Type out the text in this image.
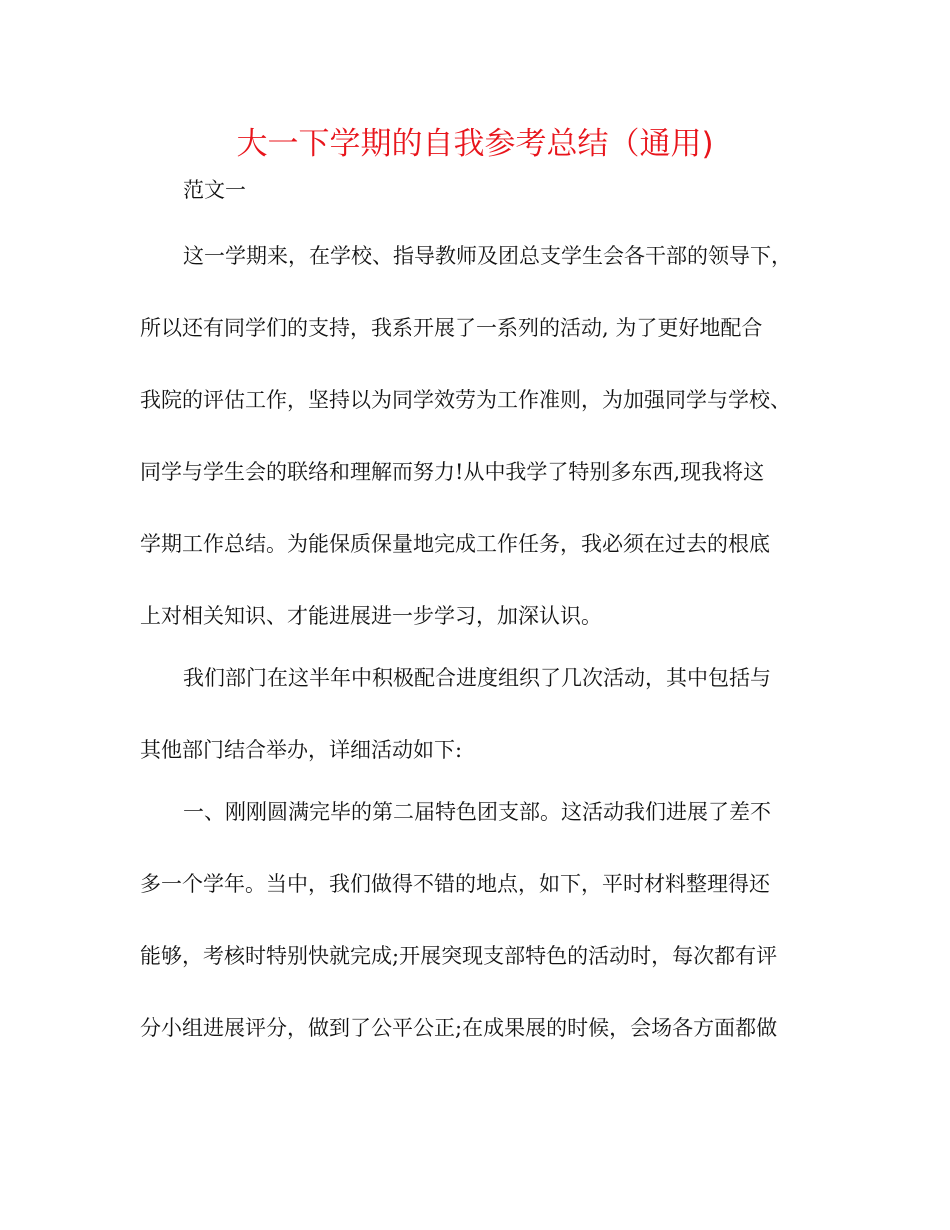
大一下学期的自我参考总结（通用)
范文一
这一学期来，在学校、指导教师及团总支学生会各干部的领导下，
所以还有同学们的支持，我系开展了一系列的活动, 为了更好地配合
我院的评估工作，坚持以为同学效劳为工作准则，为加强同学与学校、
同学与学生会的联络和理解而努力!从中我学了特别多东西,现我将这
学期工作总结。为能保质保量地完成工作任务，我必须在过去的根底
上对相关知识、才能进展进一步学习，加深认识。
我们部门在这半年中积极配合进度组织了几次活动，其中包括与
其他部门结合举办，详细活动如下:
一、刚刚圆满完毕的第二届特色团支部。这活动我们进展了差不
多一个学年。当中，我们做得不错的地点，如下，平时材料整理得还
能够，考核时特别快就完成;开展突现支部特色的活动时，每次都有评
分小组进展评分，做到了公平公正;在成果展的时候，会场各方面都做
